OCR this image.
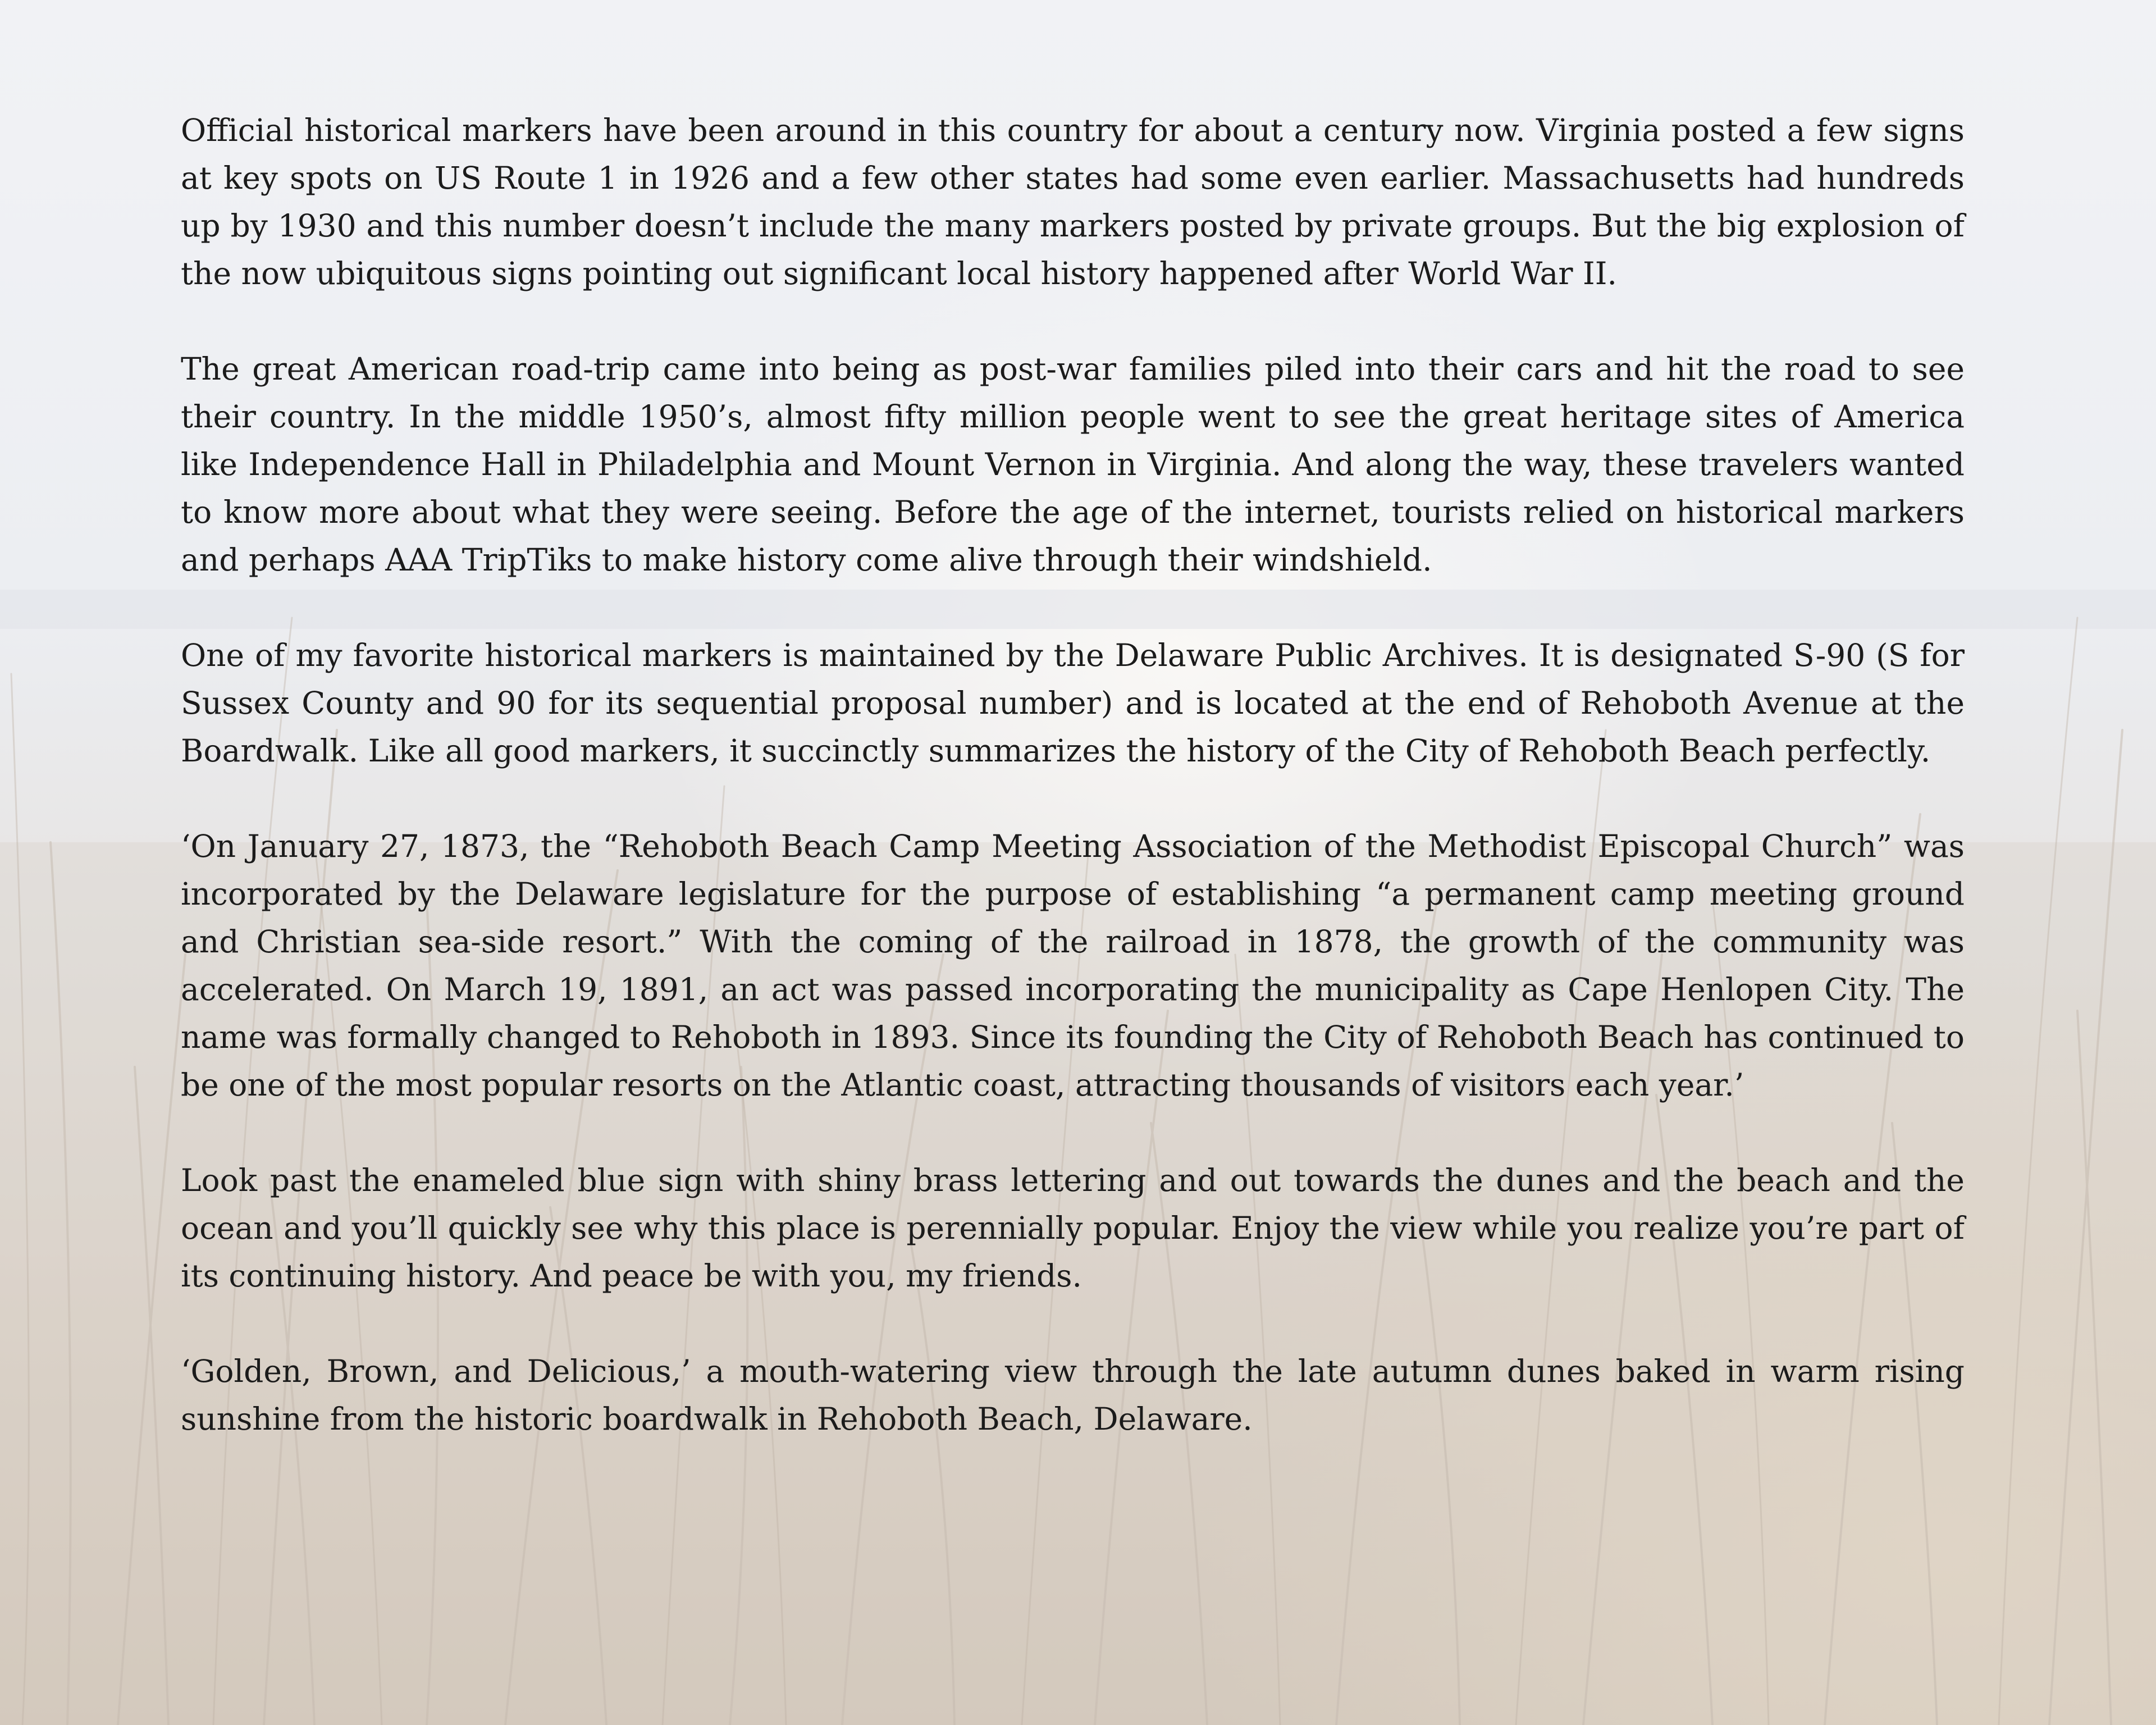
Official historical markers have been around in this country for about a century now. Virginia posted a few signs at key spots on US Route 1 in 1926 and a few other states had some even earlier. Massachusetts had hundreds up by 1930 and this number doesn’t include the many markers posted by private groups. But the big explosion of the now ubiquitous signs pointing out significant local history happened after World War II.

The great American road-trip came into being as post-war families piled into their cars and hit the road to see their country. In the middle 1950’s, almost fifty million people went to see the great heritage sites of America like Independence Hall in Philadelphia and Mount Vernon in Virginia. And along the way, these travelers wanted to know more about what they were seeing. Before the age of the internet, tourists relied on historical markers and perhaps AAA TripTiks to make history come alive through their windshield.

One of my favorite historical markers is maintained by the Delaware Public Archives. It is designated S-90 (S for Sussex County and 90 for its sequential proposal number) and is located at the end of Rehoboth Avenue at the Boardwalk. Like all good markers, it succinctly summarizes the history of the City of Rehoboth Beach perfectly.

‘On January 27, 1873, the “Rehoboth Beach Camp Meeting Association of the Methodist Episcopal Church” was incorporated by the Delaware legislature for the purpose of establishing “a permanent camp meeting ground and Christian sea-side resort.” With the coming of the railroad in 1878, the growth of the community was accelerated. On March 19, 1891, an act was passed incorporating the municipality as Cape Henlopen City. The name was formally changed to Rehoboth in 1893. Since its founding the City of Rehoboth Beach has continued to be one of the most popular resorts on the Atlantic coast, attracting thousands of visitors each year.’

Look past the enameled blue sign with shiny brass lettering and out towards the dunes and the beach and the ocean and you’ll quickly see why this place is perennially popular. Enjoy the view while you realize you’re part of its continuing history. And peace be with you, my friends.

‘Golden, Brown, and Delicious,’ a mouth-watering view through the late autumn dunes baked in warm rising sunshine from the historic boardwalk in Rehoboth Beach, Delaware.
